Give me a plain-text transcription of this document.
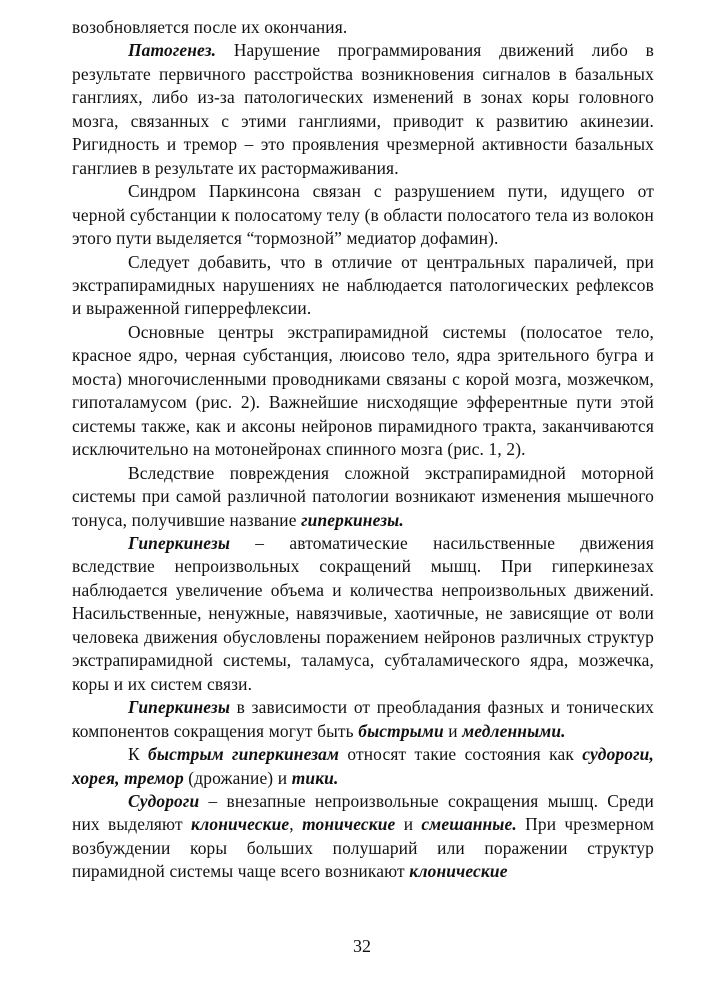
возобновляется после их окончания.

Патогенез. Нарушение программирования движений либо в результате первичного расстройства возникновения сигналов в базальных ганглиях, либо из-за патологических изменений в зонах коры головного мозга, связанных с этими ганглиями, приводит к развитию акинезии. Ригидность и тремор – это проявления чрезмерной активности базальных ганглиев в результате их растормаживания.

Синдром Паркинсона связан с разрушением пути, идущего от черной субстанции к полосатому телу (в области полосатого тела из волокон этого пути выделяется “тормозной” медиатор дофамин).

Следует добавить, что в отличие от центральных параличей, при экстрапирамидных нарушениях не наблюдается патологических рефлексов и выраженной гиперрефлексии.

Основные центры экстрапирамидной системы (полосатое тело, красное ядро, черная субстанция, люисово тело, ядра зрительного бугра и моста) многочисленными проводниками связаны с корой мозга, мозжечком, гипоталамусом (рис. 2). Важнейшие нисходящие эфферентные пути этой системы также, как и аксоны нейронов пирамидного тракта, заканчиваются исключительно на мотонейронах спинного мозга (рис. 1, 2).

Вследствие повреждения сложной экстрапирамидной моторной системы при самой различной патологии возникают изменения мышечного тонуса, получившие название гиперкинезы.

Гиперкинезы – автоматические насильственные движения вследствие непроизвольных сокращений мышц. При гиперкинезах наблюдается увеличение объема и количества непроизвольных движений. Насильственные, ненужные, навязчивые, хаотичные, не зависящие от воли человека движения обусловлены поражением нейронов различных структур экстрапирамидной системы, таламуса, субталамического ядра, мозжечка, коры и их систем связи.

Гиперкинезы в зависимости от преобладания фазных и тонических компонентов сокращения могут быть быстрыми и медленными.

К быстрым гиперкинезам относят такие состояния как судороги, хорея, тремор (дрожание) и тики.

Судороги – внезапные непроизвольные сокращения мышц. Среди них выделяют клонические, тонические и смешанные. При чрезмерном возбуждении коры больших полушарий или поражении структур пирамидной системы чаще всего возникают клонические

32
